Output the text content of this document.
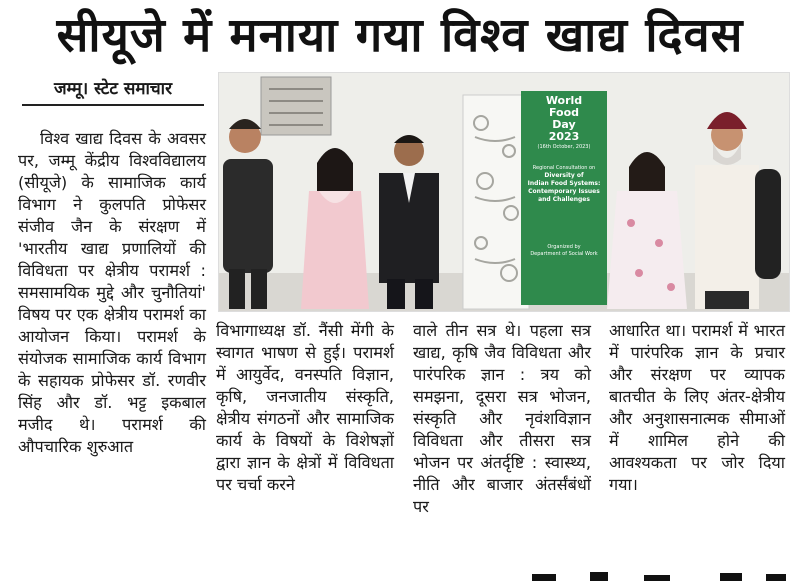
सीयूजे में मनाया गया विश्व खाद्य दिवस
जम्मू। स्टेट समाचार
World
Food
Day
2023
(16th October, 2023)
Regional Consultation on
Diversity of
Indian Food Systems:
Contemporary Issues
and Challenges
Organized by
Department of Social Work

विश्व खाद्य दिवस के अवसर पर, जम्मू केंद्रीय विश्वविद्यालय (सीयूजे) के सामाजिक कार्य विभाग ने कुलपति प्रोफेसर संजीव जैन के संरक्षण में 'भारतीय खाद्य प्रणालियों की विविधता पर क्षेत्रीय परामर्श : समसामयिक मुद्दे और चुनौतियां' विषय पर एक क्षेत्रीय परामर्श का आयोजन किया। परामर्श के संयोजक सामाजिक कार्य विभाग के सहायक प्रोफेसर डॉ. रणवीर सिंह और डॉ. भट्ट इकबाल मजीद थे। परामर्श की औपचारिक शुरुआत

विभागाध्यक्ष डॉ. नैंसी मेंगी के स्वागत भाषण से हुई। परामर्श में आयुर्वेद, वनस्पति विज्ञान, कृषि, जनजातीय संस्कृति, क्षेत्रीय संगठनों और सामाजिक कार्य के विषयों के विशेषज्ञों द्वारा ज्ञान के क्षेत्रों में विविधता पर चर्चा करने

वाले तीन सत्र थे। पहला सत्र खाद्य, कृषि जैव विविधता और पारंपरिक ज्ञान : त्रय को समझना, दूसरा सत्र भोजन, संस्कृति और नृवंशविज्ञान विविधता और तीसरा सत्र भोजन पर अंतर्दृष्टि : स्वास्थ्य, नीति और बाजार अंतर्संबंधों पर

आधारित था। परामर्श में भारत में पारंपरिक ज्ञान के प्रचार और संरक्षण पर व्यापक बातचीत के लिए अंतर-क्षेत्रीय और अनुशासनात्मक सीमाओं में शामिल होने की आवश्यकता पर जोर दिया गया।
